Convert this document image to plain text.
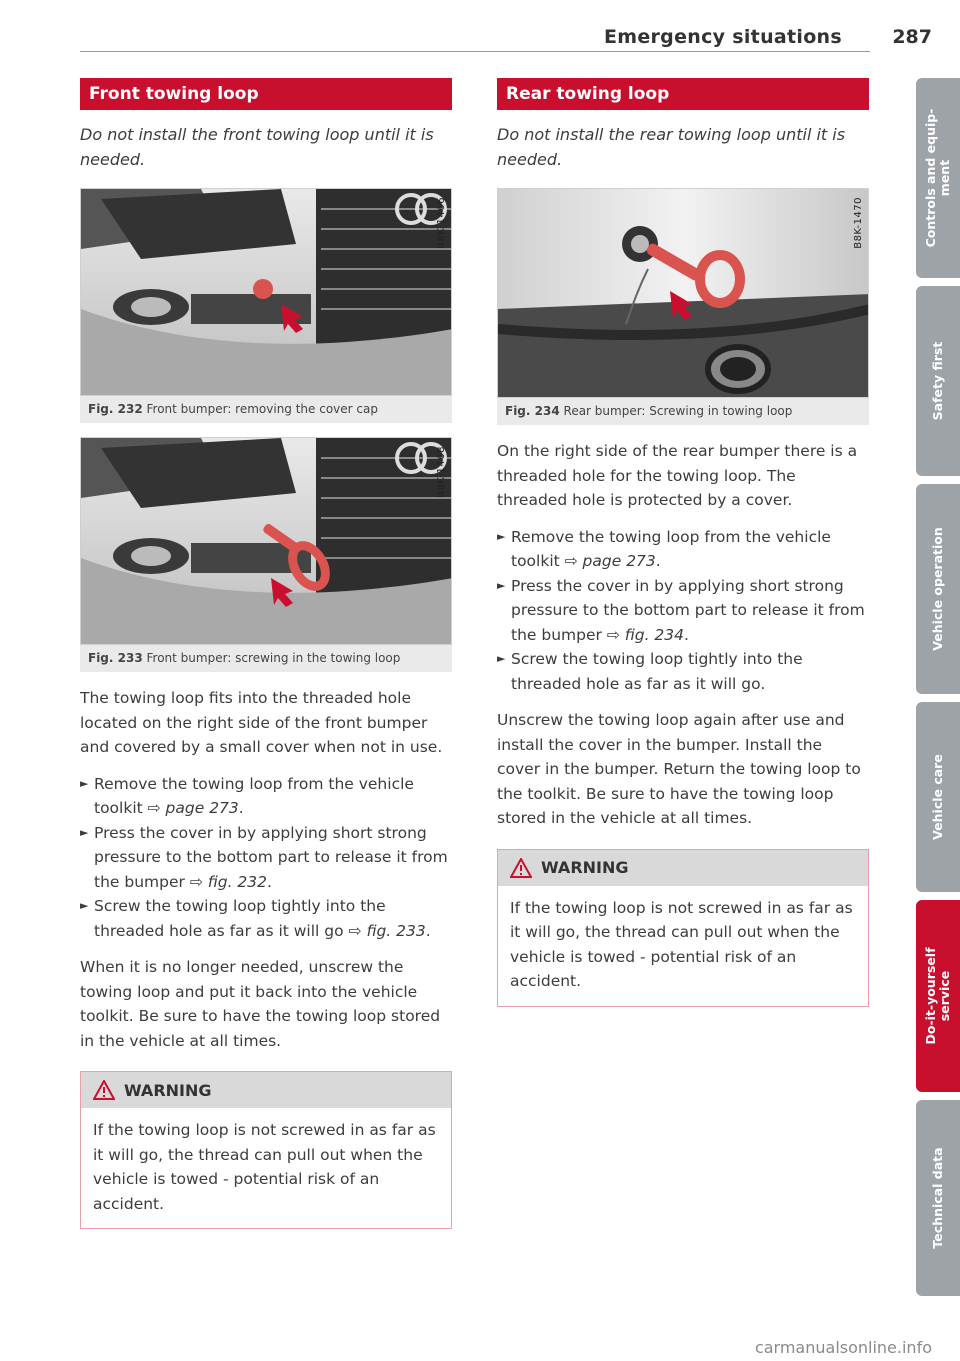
Emergency situations	287
Front towing loop
Do not install the front towing loop until it is needed.
B8K-1466
Fig. 232 Front bumper: removing the cover cap
B8K-1468
Fig. 233 Front bumper: screwing in the towing loop

The towing loop fits into the threaded hole located on the right side of the front bumper and covered by a small cover when not in use.

► Remove the towing loop from the vehicle toolkit ⇨ page 273.
► Press the cover in by applying short strong pressure to the bottom part to release it from the bumper ⇨ fig. 232.
► Screw the towing loop tightly into the threaded hole as far as it will go ⇨ fig. 233.

When it is no longer needed, unscrew the towing loop and put it back into the vehicle toolkit. Be sure to have the towing loop stored in the vehicle at all times.

WARNING
If the towing loop is not screwed in as far as it will go, the thread can pull out when the vehicle is towed - potential risk of an accident.
Rear towing loop
Do not install the rear towing loop until it is needed.
B8K-1470
Fig. 234 Rear bumper: Screwing in towing loop

On the right side of the rear bumper there is a threaded hole for the towing loop. The threaded hole is protected by a cover.

► Remove the towing loop from the vehicle toolkit ⇨ page 273.
► Press the cover in by applying short strong pressure to the bottom part to release it from the bumper ⇨ fig. 234.
► Screw the towing loop tightly into the threaded hole as far as it will go.

Unscrew the towing loop again after use and install the cover in the bumper. Install the cover in the bumper. Return the towing loop to the toolkit. Be sure to have the towing loop stored in the vehicle at all times.

WARNING
If the towing loop is not screwed in as far as it will go, the thread can pull out when the vehicle is towed - potential risk of an accident.
Controls and equip-
ment
Safety first
Vehicle operation
Vehicle care
Do-it-yourself
service
Technical data
carmanualsonline.info
